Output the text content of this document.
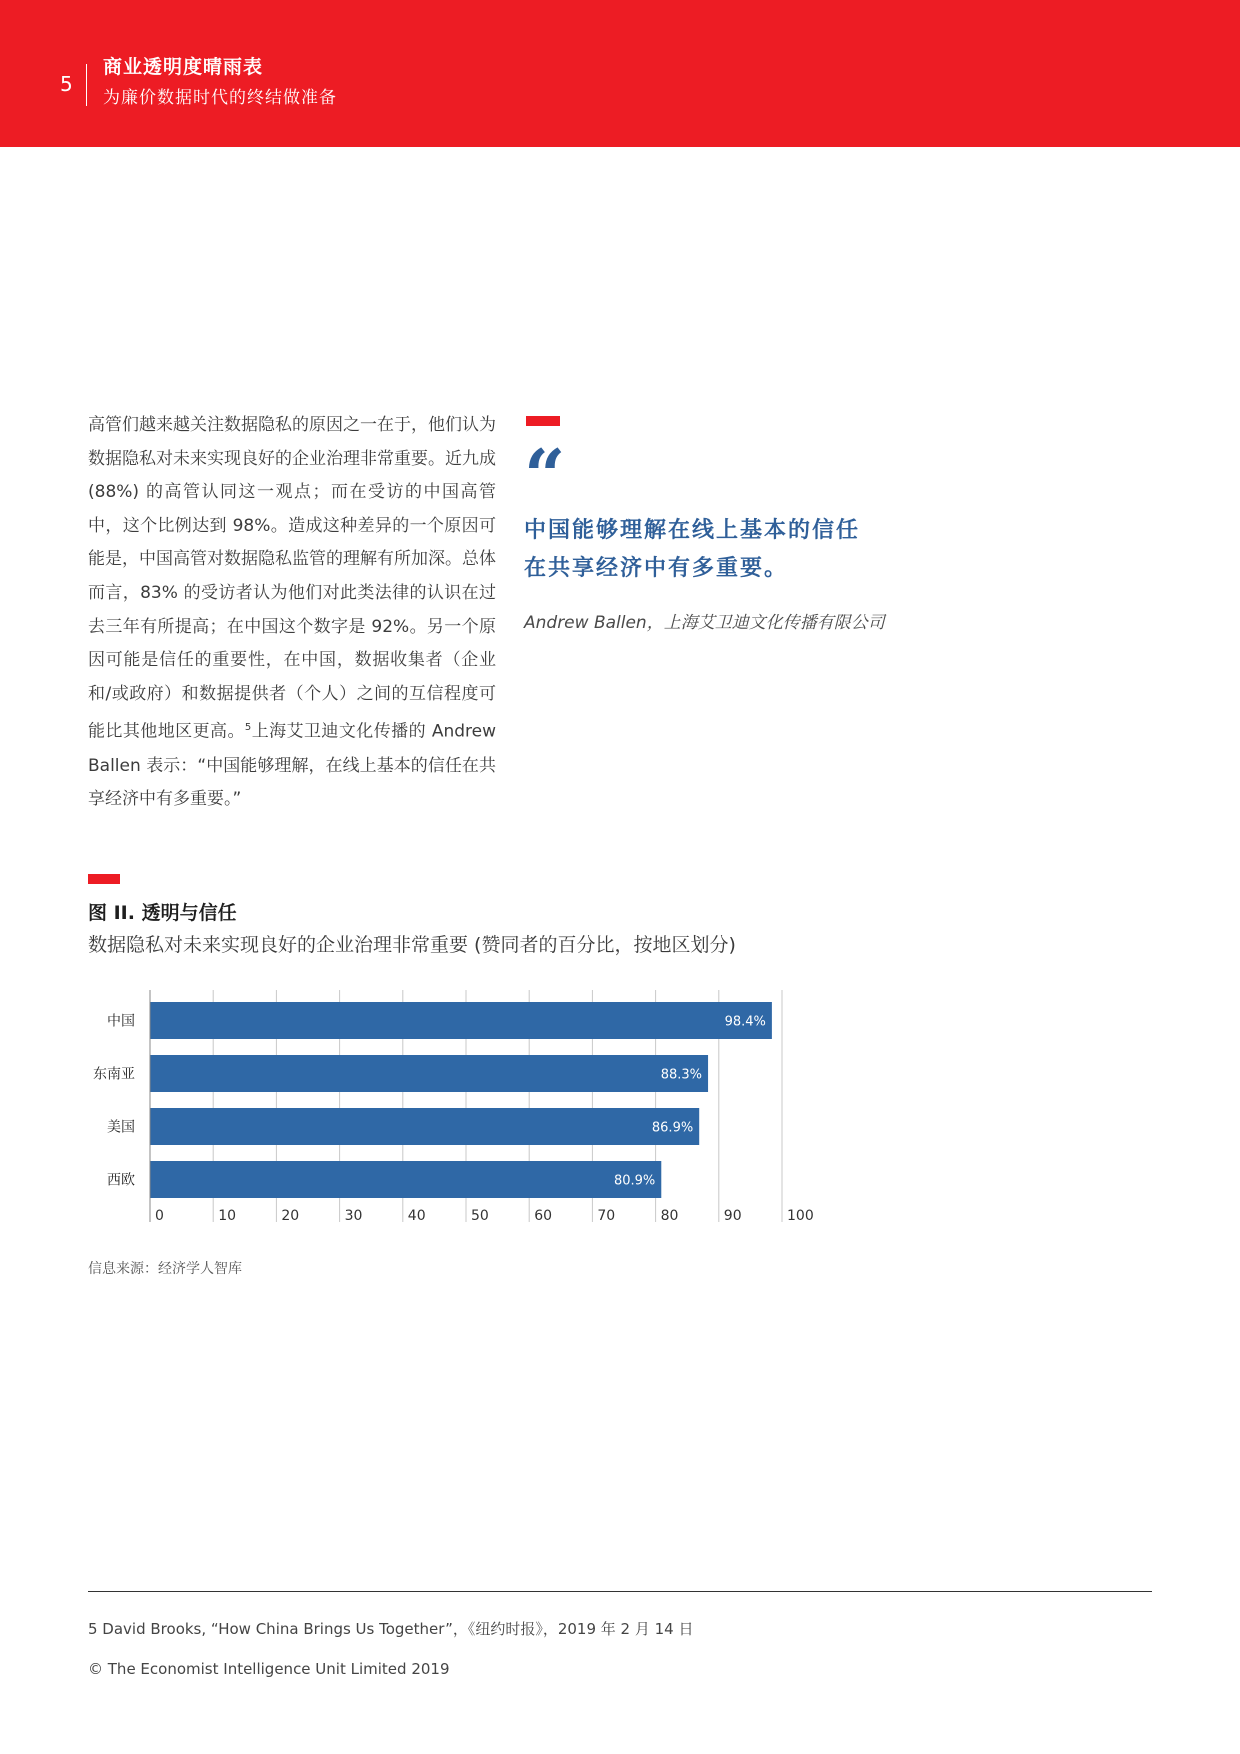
5
商业透明度晴雨表
为廉价数据时代的终结做准备

高管们越来越关注数据隐私的原因之一在于，他们认为数据隐私对未来实现良好的企业治理非常重要。近九成 (88%) 的高管认同这一观点；而在受访的中国高管中，这个比例达到 98%。造成这种差异的一个原因可能是，中国高管对数据隐私监管的理解有所加深。总体而言，83% 的受访者认为他们对此类法律的认识在过去三年有所提高；在中国这个数字是 92%。另一个原因可能是信任的重要性，在中国，数据收集者（企业和/或政府）和数据提供者（个人）之间的互信程度可能比其他地区更高。$^5$上海艾卫迪文化传播的 Andrew Ballen 表示：“中国能够理解，在线上基本的信任在共享经济中有多重要。”

“

中国能够理解在线上基本的信任

在共享经济中有多重要。

Andrew Ballen，上海艾卫迪文化传播有限公司
图 II. 透明与信任
数据隐私对未来实现良好的企业治理非常重要 (赞同者的百分比，按地区划分)
0	10	20	30	40	50	60	70	80	90	100
中国	98.4%
东南亚	88.3%
美国	86.9%
西欧	80.9%
信息来源：经济学人智库
5 David Brooks, “How China Brings Us Together”，《纽约时报》，2019 年 2 月 14 日
© The Economist Intelligence Unit Limited 2019
